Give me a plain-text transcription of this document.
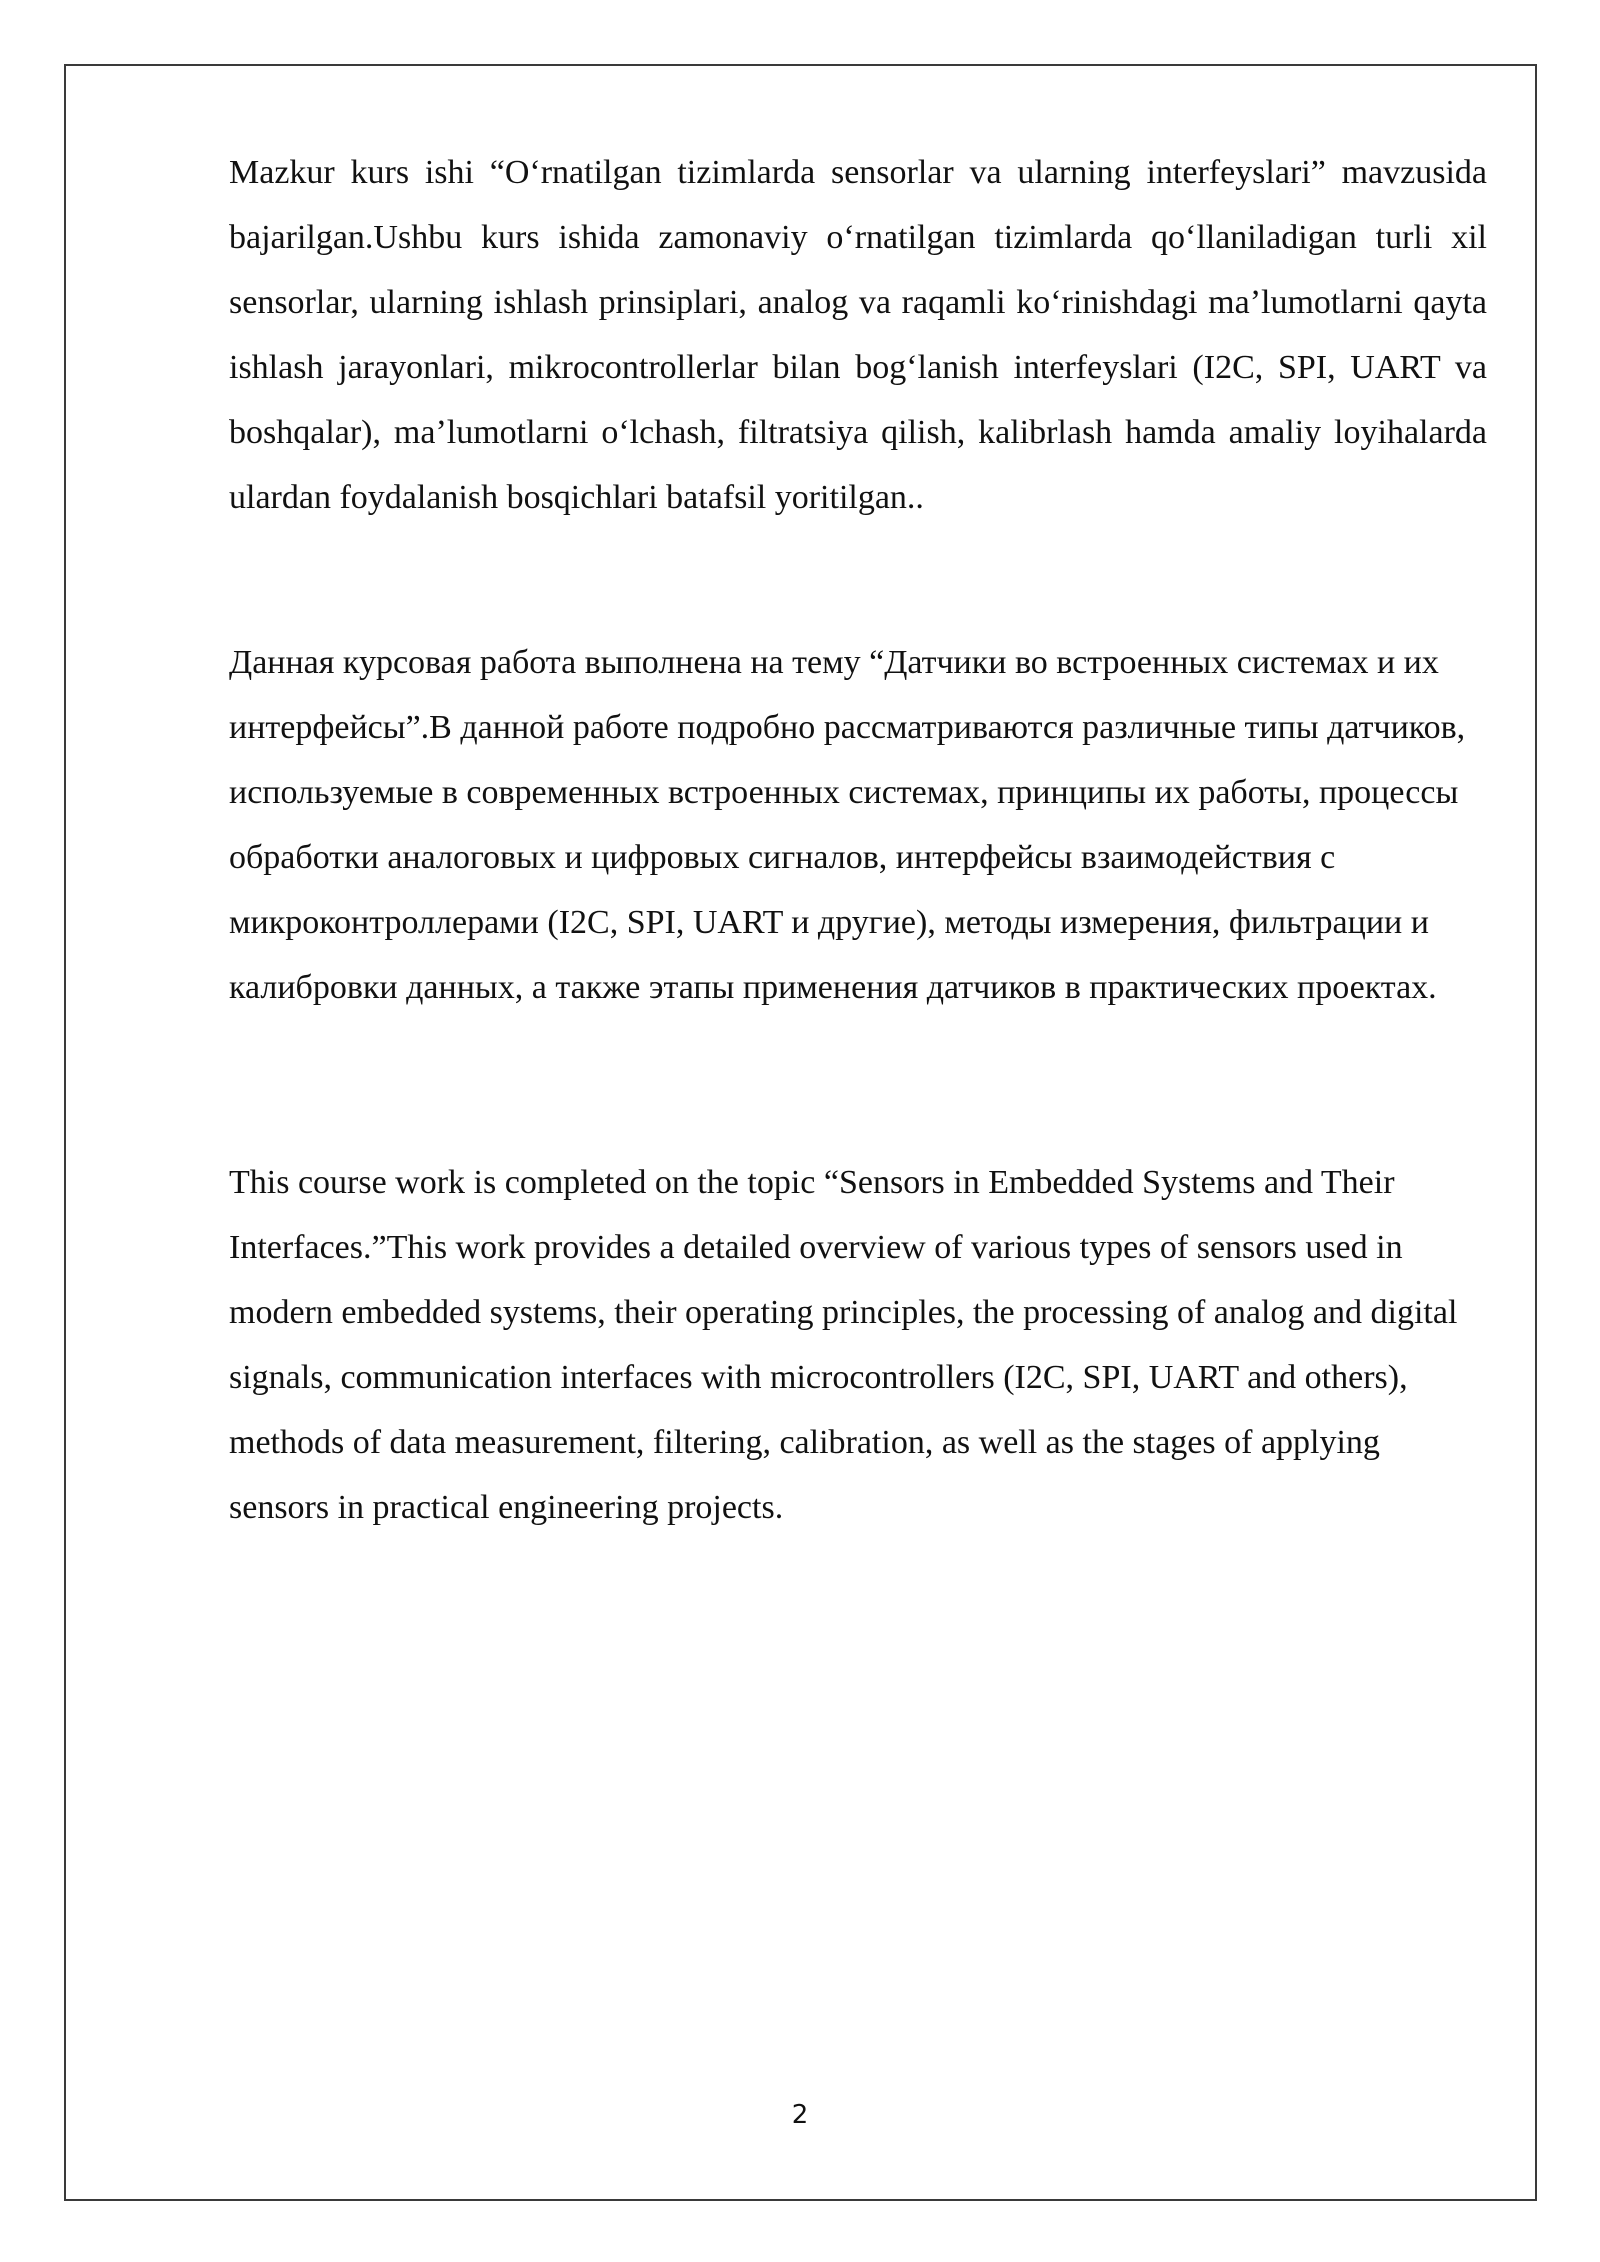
Mazkur kurs ishi “Oʻrnatilgan tizimlarda sensorlar va ularning interfeyslari” mavzusida bajarilgan.Ushbu kurs ishida zamonaviy oʻrnatilgan tizimlarda qoʻllaniladigan turli xil sensorlar, ularning ishlash prinsiplari, analog va raqamli koʻrinishdagi maʼlumotlarni qayta ishlash jarayonlari, mikrocontrollerlar bilan bogʻlanish interfeyslari (I2C, SPI, UART va boshqalar), maʼlumotlarni oʻlchash, filtratsiya qilish, kalibrlash hamda amaliy loyihalarda ulardan foydalanish bosqichlari batafsil yoritilgan..

Данная курсовая работа выполнена на тему “Датчики во встроенных системах и их интерфейсы”.В данной работе подробно рассматриваются различные типы датчиков, используемые в современных встроенных системах, принципы их работы, процессы обработки аналоговых и цифровых сигналов, интерфейсы взаимодействия с микроконтроллерами (I2C, SPI, UART и другие), методы измерения, фильтрации и калибровки данных, а также этапы применения датчиков в практических проектах.

This course work is completed on the topic “Sensors in Embedded Systems and Their Interfaces.”This work provides a detailed overview of various types of sensors used in modern embedded systems, their operating principles, the processing of analog and digital signals, communication interfaces with microcontrollers (I2C, SPI, UART and others), methods of data measurement, filtering, calibration, as well as the stages of applying sensors in practical engineering projects.

2
